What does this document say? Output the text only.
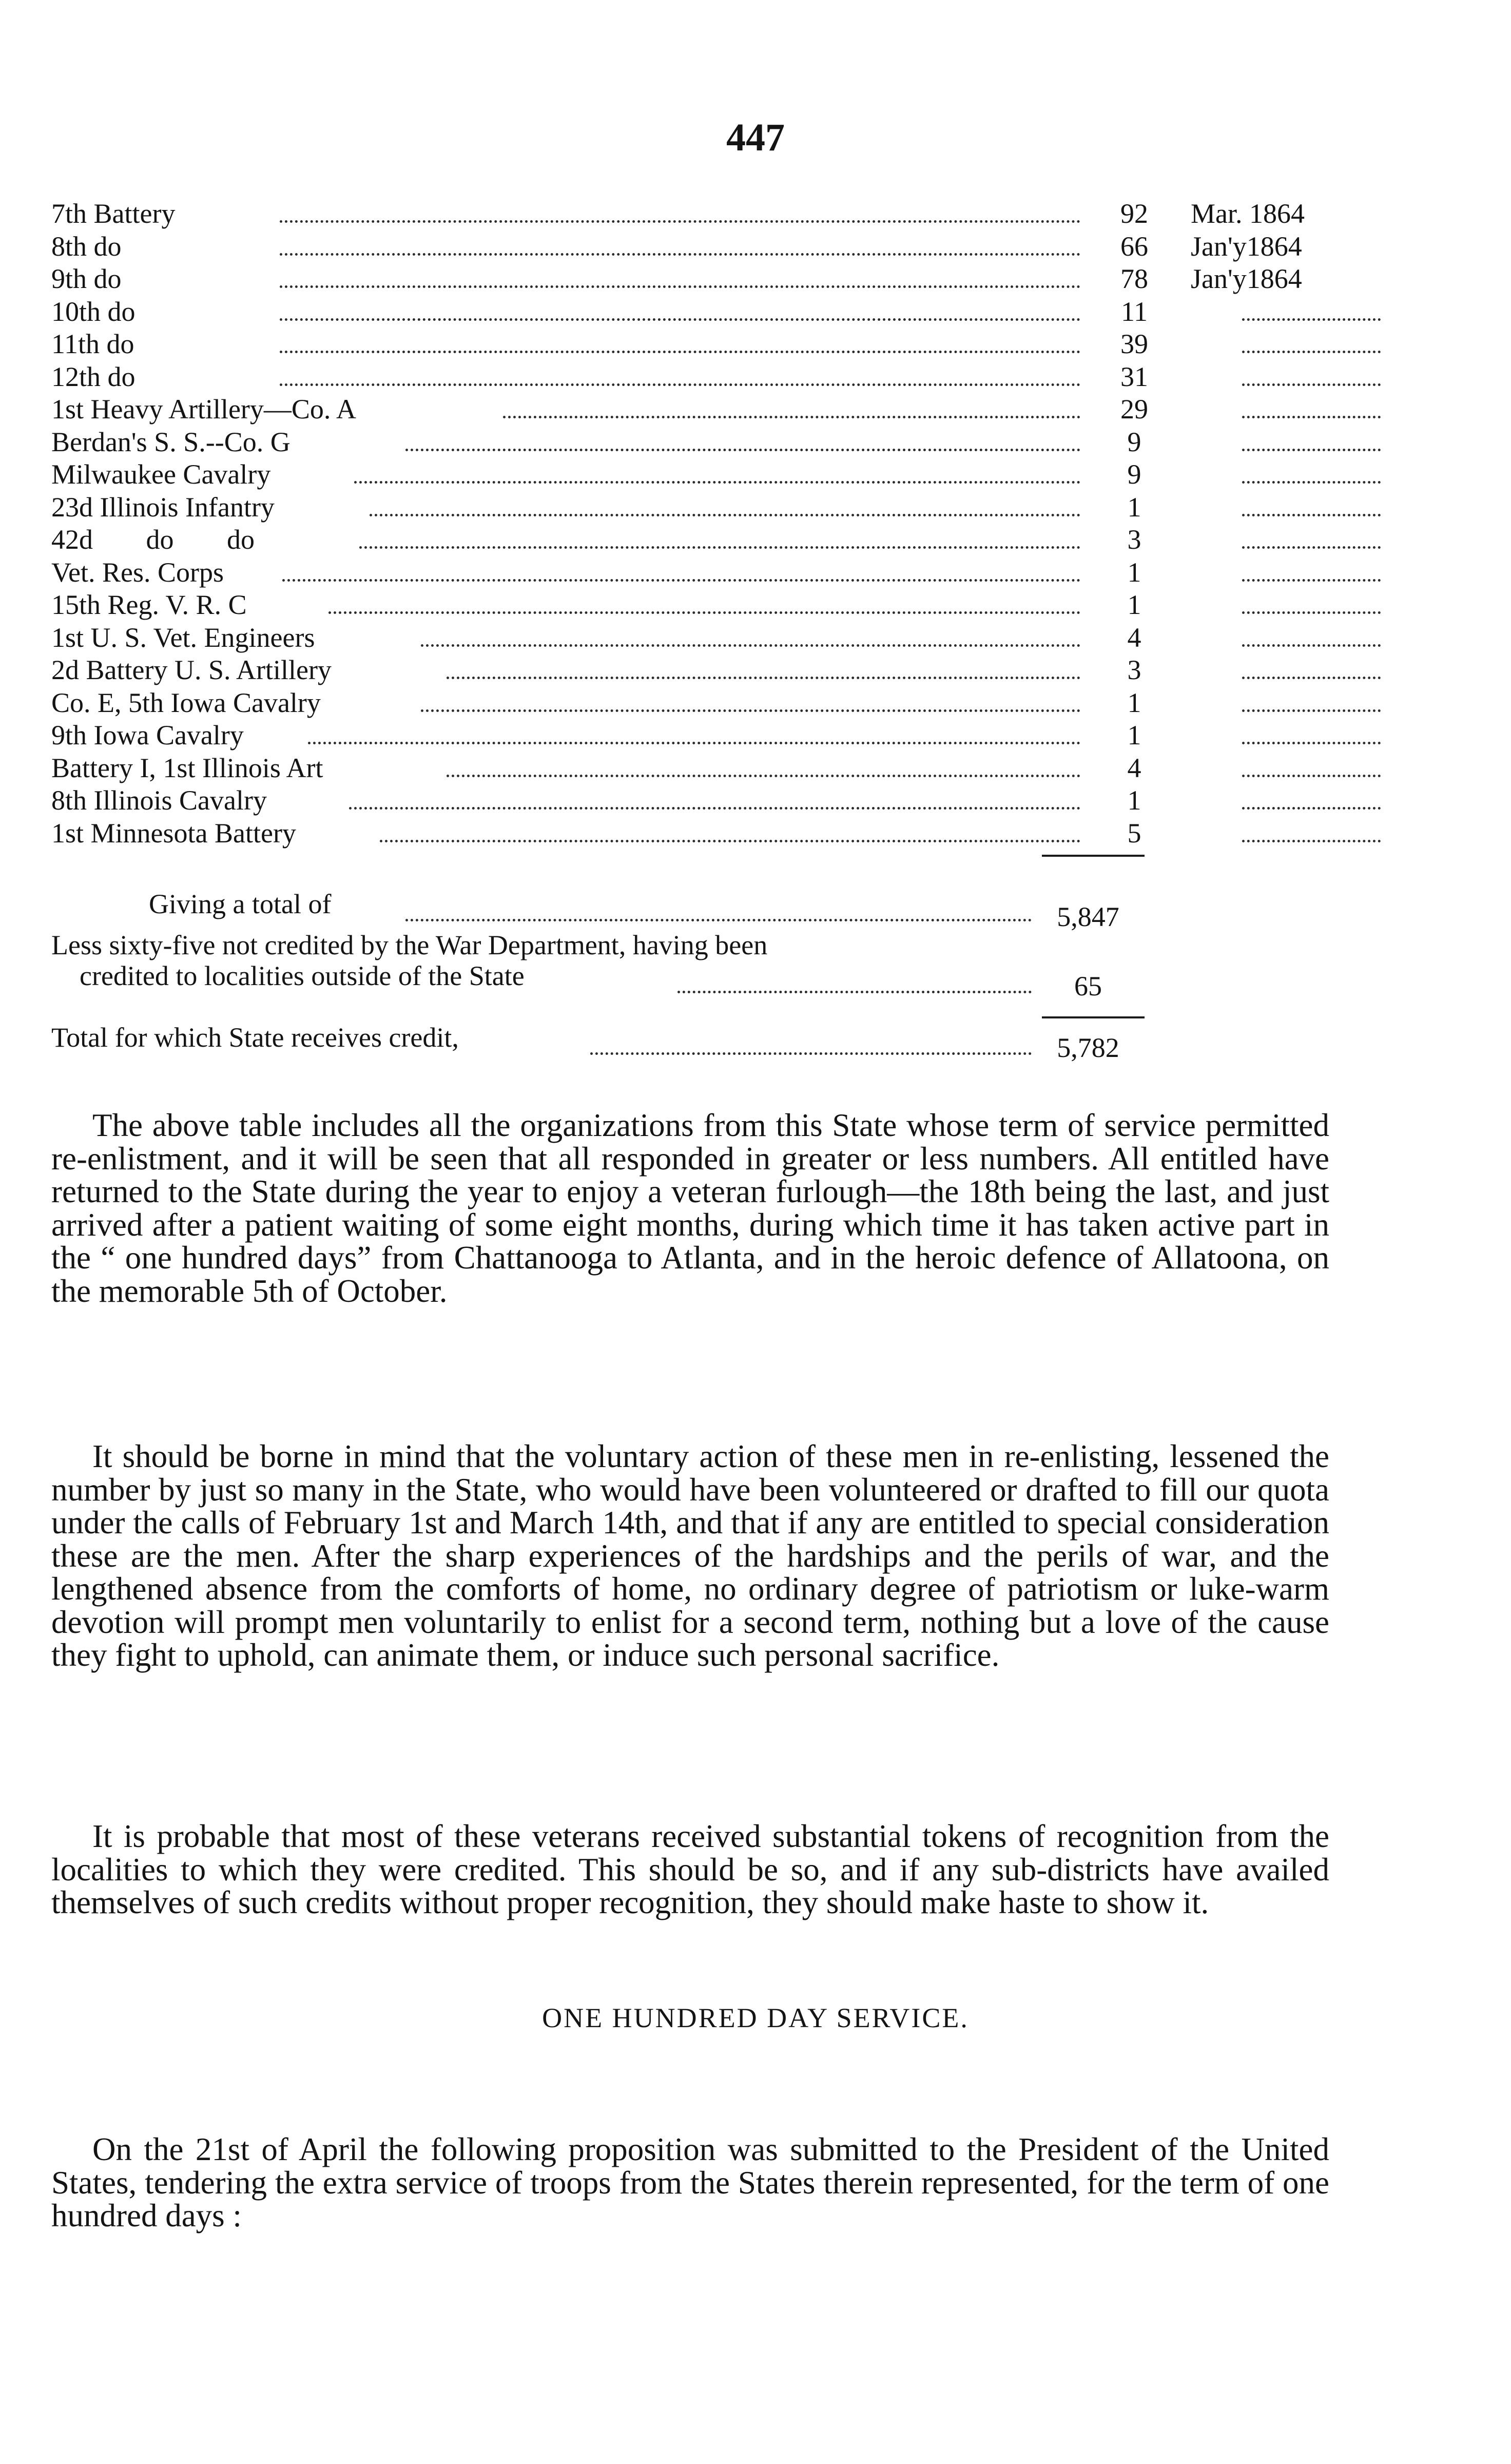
447
7th Battery	92	Mar. 1864
8th do	66	Jan'y1864
9th do	78	Jan'y1864
10th do	11
11th do	39
12th do	31
1st Heavy Artillery—Co. A	29
Berdan's S. S.--Co. G	9
Milwaukee Cavalry	9
23d Illinois Infantry	1
42d do do	3
Vet. Res. Corps	1
15th Reg. V. R. C	1
1st U. S. Vet. Engineers	4
2d Battery U. S. Artillery	3
Co. E, 5th Iowa Cavalry	1
9th Iowa Cavalry	1
Battery I, 1st Illinois Art	4
8th Illinois Cavalry	1
1st Minnesota Battery	5
Giving a total of	5,847
Less sixty-five not credited by the War Department, having been
credited to localities outside of the State	65
Total for which State receives credit,	5,782

The above table includes all the organizations from this State whose term of service permitted re-enlistment, and it will be seen that all responded in greater or less numbers. All entitled have returned to the State during the year to enjoy a veteran furlough—the 18th being the last, and just arrived after a patient waiting of some eight months, during which time it has taken active part in the “ one hundred days” from Chattanooga to Atlanta, and in the heroic defence of Allatoona, on the memorable 5th of October.

It should be borne in mind that the voluntary action of these men in re-enlisting, lessened the number by just so many in the State, who would have been volunteered or drafted to fill our quota under the calls of February 1st and March 14th, and that if any are entitled to special consideration these are the men. After the sharp experiences of the hardships and the perils of war, and the lengthened absence from the comforts of home, no ordinary degree of patriotism or luke-warm devotion will prompt men voluntarily to enlist for a second term, nothing but a love of the cause they fight to uphold, can animate them, or induce such personal sacrifice.

It is probable that most of these veterans received substantial tokens of recognition from the localities to which they were credited. This should be so, and if any sub-districts have availed themselves of such credits without proper recognition, they should make haste to show it.

ONE HUNDRED DAY SERVICE.

On the 21st of April the following proposition was submitted to the President of the United States, tendering the extra service of troops from the States therein represented, for the term of one hundred days :
